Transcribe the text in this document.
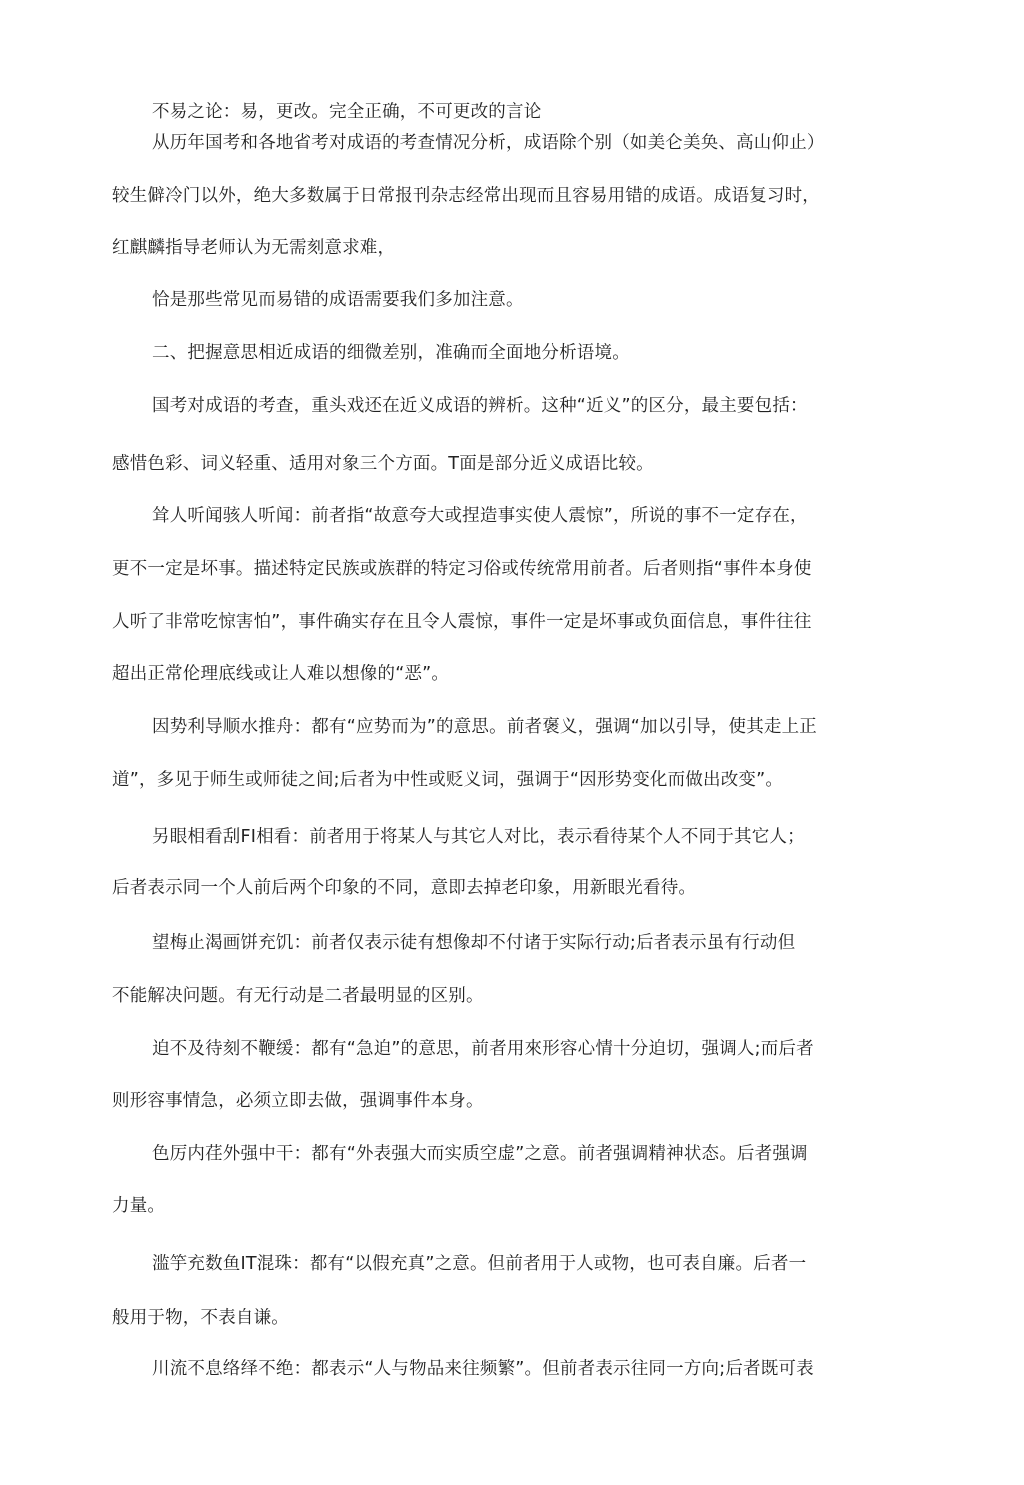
不易之论：易，更改。完全正确，不可更改的言论
从历年国考和各地省考对成语的考查情况分析，成语除个别（如美仑美奂、高山仰止）
较生僻冷门以外，绝大多数属于日常报刊杂志经常出现而且容易用错的成语。成语复习时，
红麒麟指导老师认为无需刻意求难，
恰是那些常见而易错的成语需要我们多加注意。
二、把握意思相近成语的细微差别，准确而全面地分析语境。
国考对成语的考查，重头戏还在近义成语的辨析。这种“近义”的区分，最主要包括：
感惜色彩、词义轻重、适用对象三个方面。T面是部分近义成语比较。
耸人听闻骇人听闻：前者指“故意夸大或捏造事实使人震惊”，所说的事不一定存在，
更不一定是坏事。描述特定民族或族群的特定习俗或传统常用前者。后者则指“事件本身使
人听了非常吃惊害怕”，事件确实存在且令人震惊，事件一定是坏事或负面信息，事件往往
超出正常伦理底线或让人难以想像的“恶”。
因势利导顺水推舟：都有“应势而为”的意思。前者褒义，强调“加以引导，使其走上正
道”，多见于师生或师徒之间;后者为中性或贬义词，强调于“因形势变化而做出改变”。
另眼相看刮FI相看：前者用于将某人与其它人对比，表示看待某个人不同于其它人；
后者表示同一个人前后两个印象的不同，意即去掉老印象，用新眼光看待。
望梅止渴画饼充饥：前者仅表示徒有想像却不付诸于实际行动;后者表示虽有行动但
不能解决问题。有无行动是二者最明显的区别。
迫不及待刻不鞭缓：都有“急迫”的意思，前者用來形容心情十分迫切，强调人;而后者
则形容事情急，必须立即去做，强调事件本身。
色厉内荏外强中干：都有“外表强大而实质空虚”之意。前者强调精神状态。后者强调
力量。
滥竽充数鱼IT混珠：都有“以假充真”之意。但前者用于人或物，也可表自廉。后者一
般用于物，不表自谦。
川流不息络绎不绝：都表示“人与物品来往频繁”。但前者表示往同一方向;后者既可表
